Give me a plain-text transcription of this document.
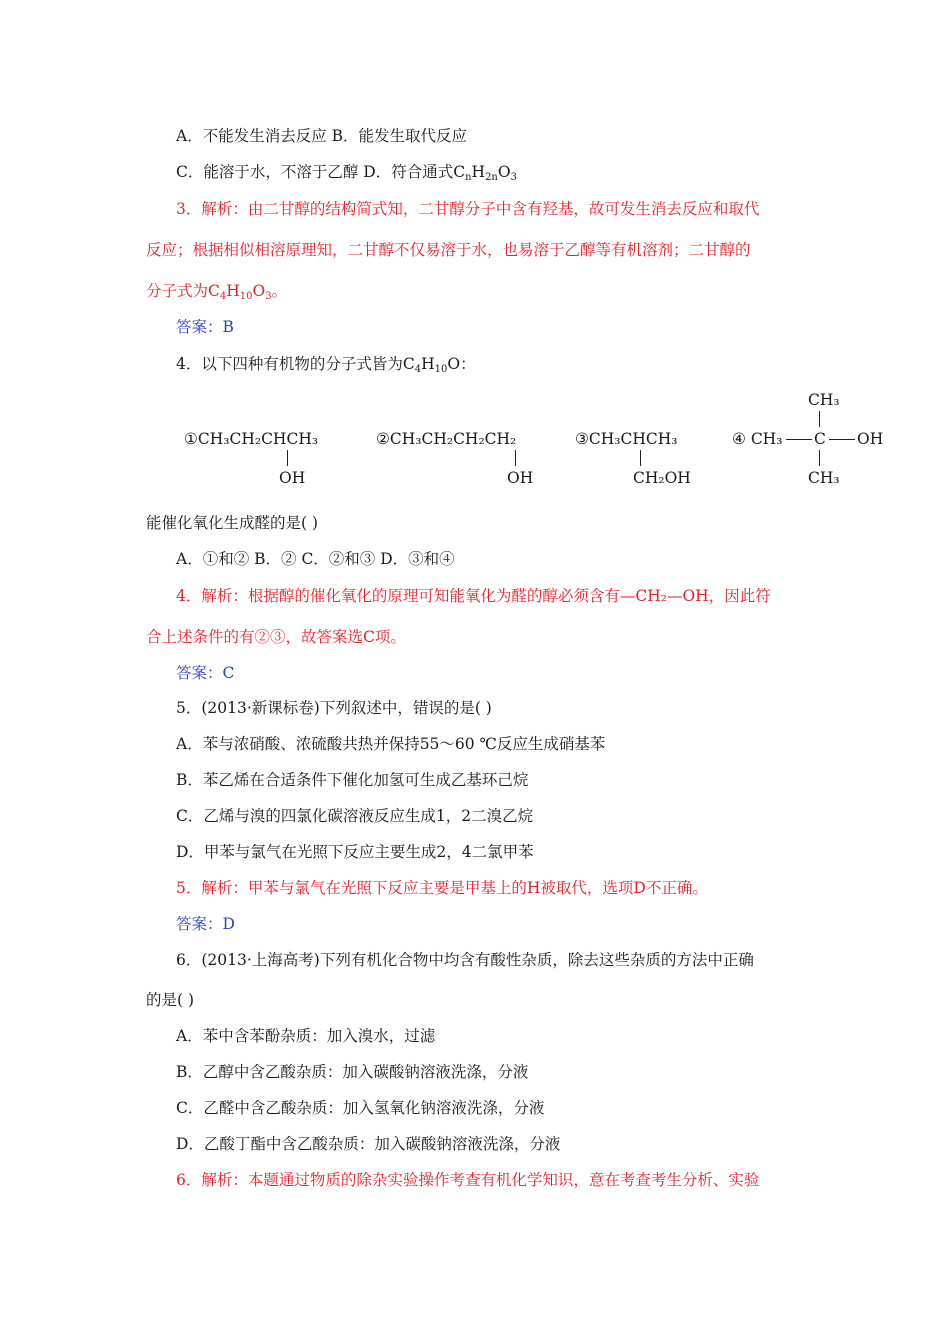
A．不能发生消去反应 B．能发生取代反应
C．能溶于水，不溶于乙醇 D．符合通式$C_nH_{2n}O_3$
3．解析：由二甘醇的结构简式知，二甘醇分子中含有羟基，故可发生消去反应和取代
反应；根据相似相溶原理知，二甘醇不仅易溶于水，也易溶于乙醇等有机溶剂；二甘醇的
分子式为$C_4H_{10}O_3$。
答案：B
4．以下四种有机物的分子式皆为$C_4H_{10}O$：
①CH₃CH₂CHCH₃
OH
②CH₃CH₂CH₂CH₂
OH
③CH₃CHCH₃
CH₂OH
CH₃
④ CH₃ C OH
CH₃
能催化氧化生成醛的是( )
A．①和② B．② C．②和③ D．③和④
4．解析：根据醇的催化氧化的原理可知能氧化为醛的醇必须含有—CH₂—OH，因此符
合上述条件的有②③，故答案选C项。
答案：C
5．(2013·新课标卷)下列叙述中，错误的是( )
A．苯与浓硝酸、浓硫酸共热并保持55～60 ℃反应生成硝基苯
B．苯乙烯在合适条件下催化加氢可生成乙基环己烷
C．乙烯与溴的四氯化碳溶液反应生成1，2二溴乙烷
D．甲苯与氯气在光照下反应主要生成2，4二氯甲苯
5．解析：甲苯与氯气在光照下反应主要是甲基上的H被取代，选项D不正确。
答案：D
6．(2013·上海高考)下列有机化合物中均含有酸性杂质，除去这些杂质的方法中正确
的是( )
A．苯中含苯酚杂质：加入溴水，过滤
B．乙醇中含乙酸杂质：加入碳酸钠溶液洗涤，分液
C．乙醛中含乙酸杂质：加入氢氧化钠溶液洗涤，分液
D．乙酸丁酯中含乙酸杂质：加入碳酸钠溶液洗涤，分液
6．解析：本题通过物质的除杂实验操作考查有机化学知识，意在考查考生分析、实验
